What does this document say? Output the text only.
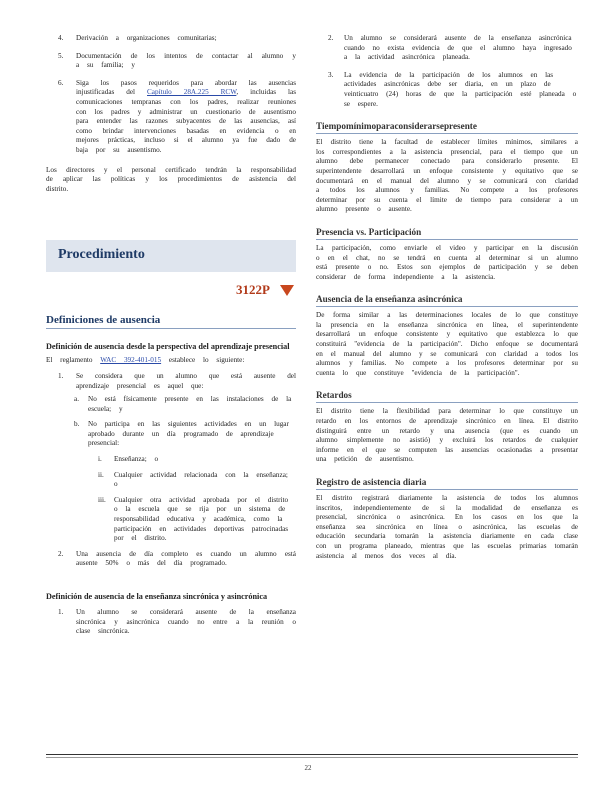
4. Derivación a organizaciones comunitarias;
5. Documentación de los intentos de contactar al alumno y a su familia; y
6. Siga los pasos requeridos para abordar las ausencias injustificadas del Capítulo 28A.225 RCW, incluidas las comunicaciones tempranas con los padres, realizar reuniones con los padres y administrar un cuestionario de ausentismo para entender las razones subyacentes de las ausencias, así como brindar intervenciones basadas en evidencia o en mejores prácticas, incluso si el alumno ya fue dado de baja por su ausentismo.

Los directores y el personal certificado tendrán la responsabilidad de aplicar las políticas y los procedimientos de asistencia del distrito.

Procedimiento
3122P
Definiciones de ausencia
Definición de ausencia desde la perspectiva del aprendizaje presencial

El reglamento WAC 392-401-015 establece lo siguiente:

1. Se considera que un alumno que está ausente del aprendizaje presencial es aquel que:
a. No está físicamente presente en las instalaciones de la escuela; y
b. No participa en las siguientes actividades en un lugar aprobado durante un día programado de aprendizaje presencial:
i. Enseñanza; o
ii. Cualquier actividad relacionada con la enseñanza; o
iii. Cualquier otra actividad aprobada por el distrito o la escuela que se rija por un sistema de responsabilidad educativa y académica, como la participación en actividades deportivas patrocinadas por el distrito.
2. Una ausencia de día completo es cuando un alumno está ausente 50% o más del día programado.
Definición de ausencia de la enseñanza sincrónica y asincrónica
1. Un alumno se considerará ausente de la enseñanza sincrónica y asincrónica cuando no entre a la reunión o clase sincrónica.
2. Un alumno se considerará ausente de la enseñanza asincrónica cuando no exista evidencia de que el alumno haya ingresado a la actividad asincrónica planeada.
3. La evidencia de la participación de los alumnos en las actividades asincrónicas debe ser diaria, en un plazo de veinticuatro (24) horas de que la participación esté planeada o se espere.
Tiempomínimoparaconsiderarsepresente

El distrito tiene la facultad de establecer límites mínimos, similares a los correspondientes a la asistencia presencial, para el tiempo que un alumno debe permanecer conectado para considerarlo presente. El superintendente desarrollará un enfoque consistente y equitativo que se documentará en el manual del alumno y se comunicará con claridad a todos los alumnos y familias. No compete a los profesores determinar por su cuenta el límite de tiempo para considerar a un alumno presente o ausente.

Presencia vs. Participación

La participación, como enviarle el video y participar en la discusión o en el chat, no se tendrá en cuenta al determinar si un alumno está presente o no. Estos son ejemplos de participación y se deben considerar de forma independiente a la asistencia.

Ausencia de la enseñanza asincrónica

De forma similar a las determinaciones locales de lo que constituye la presencia en la enseñanza sincrónica en línea, el superintendente desarrollará un enfoque consistente y equitativo que establezca lo que constituirá "evidencia de la participación". Dicho enfoque se documentará en el manual del alumno y se comunicará con claridad a todos los alumnos y familias. No compete a los profesores determinar por su cuenta lo que constituye "evidencia de la participación".

Retardos

El distrito tiene la flexibilidad para determinar lo que constituye un retardo en los entornos de aprendizaje sincrónico en línea. El distrito distinguirá entre un retardo y una ausencia (que es cuando un alumno simplemente no asistió) y excluirá los retardos de cualquier informe en el que se computen las ausencias ocasionadas a presentar una petición de ausentismo.

Registro de asistencia diaria

El distrito registrará diariamente la asistencia de todos los alumnos inscritos, independientemente de si la modalidad de enseñanza es presencial, sincrónica o asincrónica. En los casos en los que la enseñanza sea sincrónica en línea o asincrónica, las escuelas de educación secundaria tomarán la asistencia diariamente en cada clase con un programa planeado, mientras que las escuelas primarias tomarán asistencia al menos dos veces al día.

22
